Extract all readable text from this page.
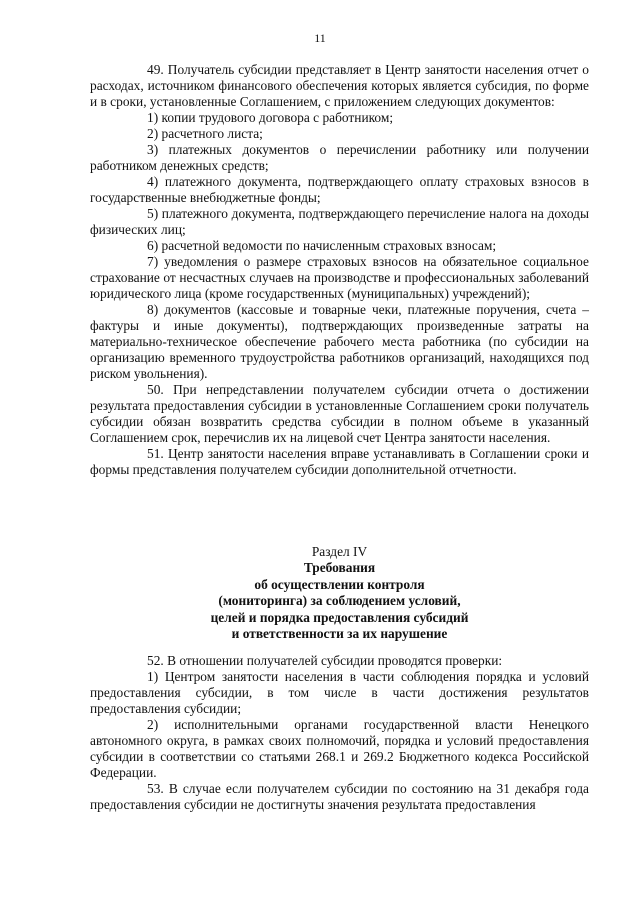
11

49. Получатель субсидии представляет в Центр занятости населения отчет о расходах, источником финансового обеспечения которых является субсидия, по форме и в сроки, установленные Соглашением, с приложением следующих документов:

1) копии трудового договора с работником;

2) расчетного листа;

3) платежных документов о перечислении работнику или получении работником денежных средств;

4) платежного документа, подтверждающего оплату страховых взносов в государственные внебюджетные фонды;

5) платежного документа, подтверждающего перечисление налога на доходы физических лиц;

6) расчетной ведомости по начисленным страховых взносам;

7) уведомления о размере страховых взносов на обязательное социальное страхование от несчастных случаев на производстве и профессиональных заболеваний юридического лица (кроме государственных (муниципальных) учреждений);

8) документов (кассовые и товарные чеки, платежные поручения, счета – фактуры и иные документы), подтверждающих произведенные затраты на материально-техническое обеспечение рабочего места работника (по субсидии на организацию временного трудоустройства работников организаций, находящихся под риском увольнения).

50. При непредставлении получателем субсидии отчета о достижении результата предоставления субсидии в установленные Соглашением сроки получатель субсидии обязан возвратить средства субсидии в полном объеме в указанный Соглашением срок, перечислив их на лицевой счет Центра занятости населения.

51. Центр занятости населения вправе устанавливать в Соглашении сроки и формы представления получателем субсидии дополнительной отчетности.

Раздел IV
Требования
об осуществлении контроля
(мониторинга) за соблюдением условий,
целей и порядка предоставления субсидий
и ответственности за их нарушение

52. В отношении получателей субсидии проводятся проверки:

1) Центром занятости населения в части соблюдения порядка и условий предоставления субсидии, в том числе в части достижения результатов предоставления субсидии;

2) исполнительными органами государственной власти Ненецкого автономного округа, в рамках своих полномочий, порядка и условий предоставления субсидии в соответствии со статьями 268.1 и 269.2 Бюджетного кодекса Российской Федерации.

53. В случае если получателем субсидии по состоянию на 31 декабря года предоставления субсидии не достигнуты значения результата предоставления
